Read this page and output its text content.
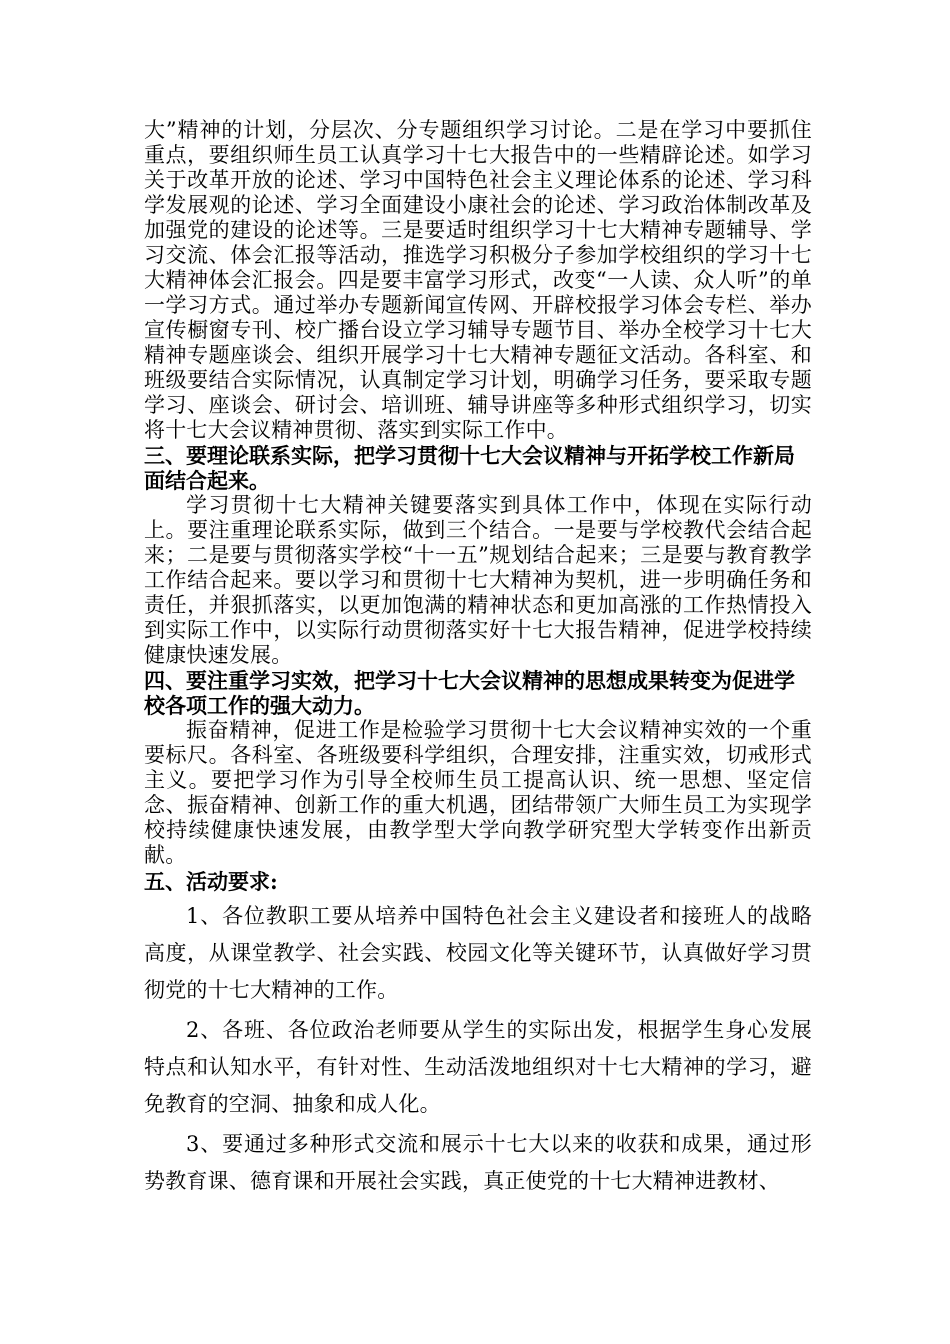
大”精神的计划，分层次、分专题组织学习讨论。二是在学习中要抓住重点，要组织师生员工认真学习十七大报告中的一些精辟论述。如学习关于改革开放的论述、学习中国特色社会主义理论体系的论述、学习科学发展观的论述、学习全面建设小康社会的论述、学习政治体制改革及加强党的建设的论述等。三是要适时组织学习十七大精神专题辅导、学习交流、体会汇报等活动，推选学习积极分子参加学校组织的学习十七大精神体会汇报会。四是要丰富学习形式，改变“一人读、众人听”的单一学习方式。通过举办专题新闻宣传网、开辟校报学习体会专栏、举办宣传橱窗专刊、校广播台设立学习辅导专题节目、举办全校学习十七大精神专题座谈会、组织开展学习十七大精神专题征文活动。各科室、和班级要结合实际情况，认真制定学习计划，明确学习任务，要采取专题学习、座谈会、研讨会、培训班、辅导讲座等多种形式组织学习，切实将十七大会议精神贯彻、落实到实际工作中。

三、要理论联系实际，把学习贯彻十七大会议精神与开拓学校工作新局面结合起来。

学习贯彻十七大精神关键要落实到具体工作中，体现在实际行动上。要注重理论联系实际，做到三个结合。一是要与学校教代会结合起来；二是要与贯彻落实学校“十一五”规划结合起来；三是要与教育教学工作结合起来。要以学习和贯彻十七大精神为契机，进一步明确任务和责任，并狠抓落实，以更加饱满的精神状态和更加高涨的工作热情投入到实际工作中，以实际行动贯彻落实好十七大报告精神，促进学校持续健康快速发展。

四、要注重学习实效，把学习十七大会议精神的思想成果转变为促进学校各项工作的强大动力。

振奋精神，促进工作是检验学习贯彻十七大会议精神实效的一个重要标尺。各科室、各班级要科学组织，合理安排，注重实效，切戒形式主义。要把学习作为引导全校师生员工提高认识、统一思想、坚定信念、振奋精神、创新工作的重大机遇，团结带领广大师生员工为实现学校持续健康快速发展，由教学型大学向教学研究型大学转变作出新贡献。

五、活动要求:

1、各位教职工要从培养中国特色社会主义建设者和接班人的战略高度，从课堂教学、社会实践、校园文化等关键环节，认真做好学习贯彻党的十七大精神的工作。

2、各班、各位政治老师要从学生的实际出发，根据学生身心发展特点和认知水平，有针对性、生动活泼地组织对十七大精神的学习，避免教育的空洞、抽象和成人化。

3、要通过多种形式交流和展示十七大以来的收获和成果，通过形势教育课、德育课和开展社会实践，真正使党的十七大精神进教材、
